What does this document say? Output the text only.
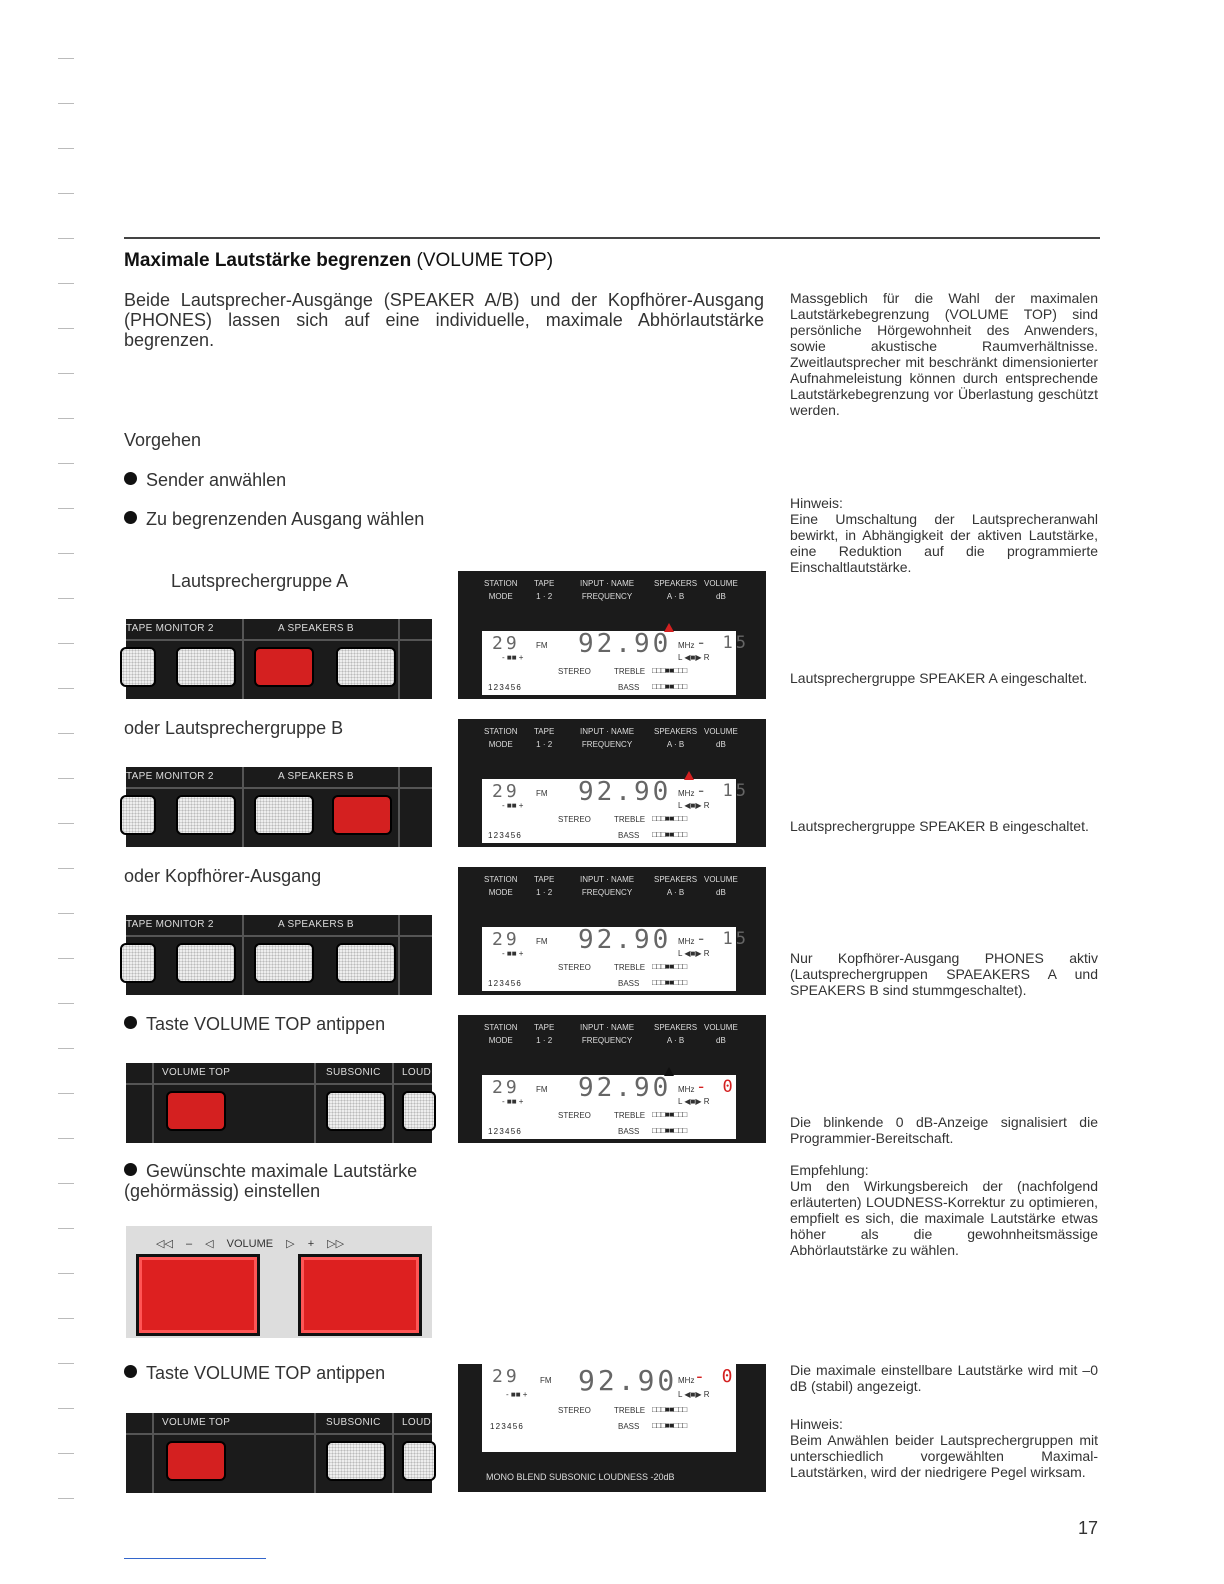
Maximale Lautstärke begrenzen (VOLUME TOP)
Beide Lautsprecher-Ausgänge (SPEAKER A/B) und der Kopfhörer-Ausgang (PHONES) lassen sich auf eine individuelle, maximale Abhörlautstärke begrenzen.
Massgeblich für die Wahl der maximalen Lautstärkebegrenzung (VOLUME TOP) sind persönliche Hörgewohnheit des Anwenders, sowie akustische Raumverhältnisse. Zweitlautsprecher mit beschränkt dimensionierter Aufnahmeleistung können durch entsprechende Lautstärkebegrenzung vor Überlastung geschützt werden.
Hinweis:
Eine Umschaltung der Lautsprecheranwahl bewirkt, in Abhängigkeit der aktiven Lautstärke, eine Reduktion auf die programmierte Einschaltlautstärke.
Lautsprechergruppe SPEAKER A eingeschaltet.
Lautsprechergruppe SPEAKER B eingeschaltet.
Nur Kopfhörer-Ausgang PHONES aktiv (Lautsprechergruppen SPAEAKERS A und SPEAKERS B sind stummgeschaltet).
Die blinkende 0 dB-Anzeige signalisiert die Programmier-Bereitschaft.
Empfehlung:
Um den Wirkungsbereich der (nachfolgend erläuterten) LOUDNESS-Korrektur zu optimieren, empfielt es sich, die maximale Lautstärke etwas höher als die gewohnheitsmässige Abhörlautstärke zu wählen.
Die maximale einstellbare Lautstärke wird mit –0 dB (stabil) angezeigt.
Hinweis:
Beim Anwählen beider Lautsprechergruppen mit unterschiedlich vorgewählten Maximal-Lautstärken, wird der niedrigere Pegel wirksam.
Vorgehen
Sender anwählen
Zu begrenzenden Ausgang wählen
Lautsprechergruppe A
TAPE MONITOR 2	A SPEAKERS B
oder Lautsprechergruppe B
TAPE MONITOR 2	A SPEAKERS B
oder Kopfhörer-Ausgang
TAPE MONITOR 2	A SPEAKERS B
Taste VOLUME TOP antippen
VOLUME TOP	SUBSONIC LOUD
Gewünschte maximale Lautstärke (gehörmässig) einstellen
◁◁ – ◁ VOLUME ▷ + ▷▷
Taste VOLUME TOP antippen
VOLUME TOP	SUBSONIC LOUD
STATION
MODE
TAPE
1 · 2
INPUT · NAME
FREQUENCY
SPEAKERS
A · B
VOLUME
dB
29 FM 92.90 MHz - 15
- ■■ +	L ◀■▶ R
STEREO	TREBLE □□□■■□□□
1 2 3 4 5 6	BASS □□□■■□□□
STATION
MODE
TAPE
1 · 2
INPUT · NAME
FREQUENCY
SPEAKERS
A · B
VOLUME
dB
29 FM 92.90 MHz - 15
- ■■ +	L ◀■▶ R
STEREO	TREBLE □□□■■□□□
1 2 3 4 5 6	BASS □□□■■□□□
STATION
MODE
TAPE
1 · 2
INPUT · NAME
FREQUENCY
SPEAKERS
A · B
VOLUME
dB
29 FM 92.90 MHz - 15
- ■■ +	L ◀■▶ R
STEREO	TREBLE □□□■■□□□
1 2 3 4 5 6	BASS □□□■■□□□
STATION
MODE
TAPE
1 · 2
INPUT · NAME
FREQUENCY
SPEAKERS
A · B
VOLUME
dB
29 FM 92.90 MHz - 0
- ■■ +	L ◀■▶ R
STEREO	TREBLE □□□■■□□□
1 2 3 4 5 6	BASS □□□■■□□□
29	FM 92.90 MHz - 0
- ■■ +	L ◀■▶ R
STEREO	TREBLE □□□■■□□□
1 2 3 4 5 6	BASS □□□■■□□□
MONO BLEND SUBSONIC LOUDNESS -20dB
17
